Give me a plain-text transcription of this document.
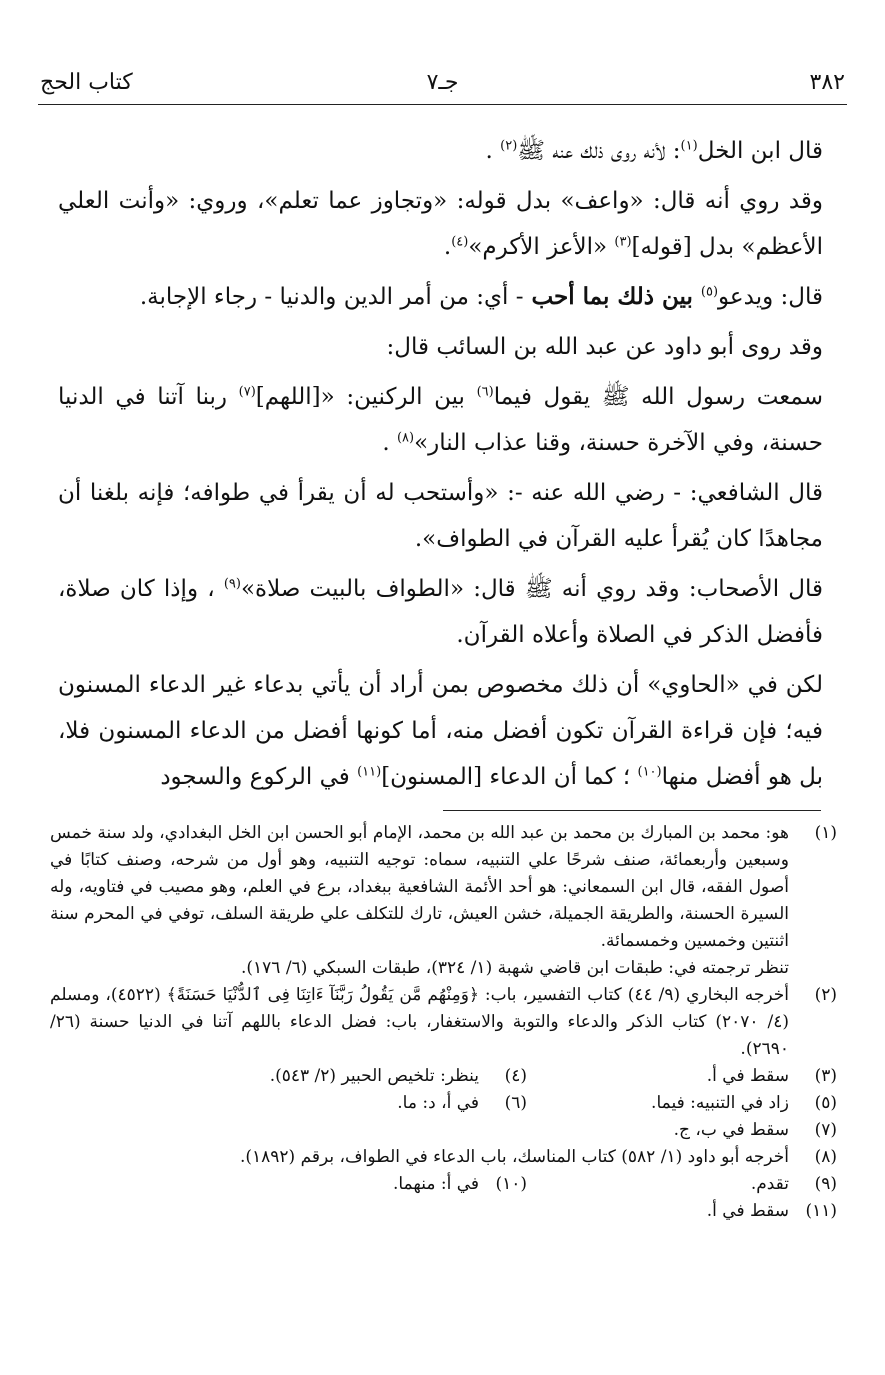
٣٨٢
جـ٧
كتاب الحج

قال ابن الخل$^{(١)}$: لأنه روى ذلك عنه ﷺ$^{(٢)}$ .

وقد روي أنه قال: «واعف» بدل قوله: «وتجاوز عما تعلم»، وروي: «وأنت العلي الأعظم» بدل [قوله]$^{(٣)}$ «الأعز الأكرم»$^{(٤)}$.

قال: ويدعو$^{(٥)}$ بين ذلك بما أحب - أي: من أمر الدين والدنيا - رجاء الإجابة.

وقد روى أبو داود عن عبد الله بن السائب قال:

سمعت رسول الله ﷺ يقول فيما$^{(٦)}$ بين الركنين: «[اللهم]$^{(٧)}$ ربنا آتنا في الدنيا حسنة، وفي الآخرة حسنة، وقنا عذاب النار»$^{(٨)}$ .

قال الشافعي: - رضي الله عنه -: «وأستحب له أن يقرأ في طوافه؛ فإنه بلغنا أن مجاهدًا كان يُقرأ عليه القرآن في الطواف».

قال الأصحاب: وقد روي أنه ﷺ قال: «الطواف بالبيت صلاة»$^{(٩)}$ ، وإذا كان صلاة، فأفضل الذكر في الصلاة وأعلاه القرآن.

لكن في «الحاوي» أن ذلك مخصوص بمن أراد أن يأتي بدعاء غير الدعاء المسنون فيه؛ فإن قراءة القرآن تكون أفضل منه، أما كونها أفضل من الدعاء المسنون فلا، بل هو أفضل منها$^{(١٠)}$ ؛ كما أن الدعاء [المسنون]$^{(١١)}$ في الركوع والسجود

(١)
هو: محمد بن المبارك بن محمد بن عبد الله بن محمد، الإمام أبو الحسن ابن الخل البغدادي، ولد سنة خمس وسبعين وأربعمائة، صنف شرحًا علي التنبيه، سماه: توجيه التنبيه، وهو أول من شرحه، وصنف كتابًا في أصول الفقه، قال ابن السمعاني: هو أحد الأئمة الشافعية ببغداد، برع في العلم، وهو مصيب في فتاويه، وله السيرة الحسنة، والطريقة الجميلة، خشن العيش، تارك للتكلف علي طريقة السلف، توفي في المحرم سنة اثنتين وخمسين وخمسمائة.
تنظر ترجمته في: طبقات ابن قاضي شهبة (١/ ٣٢٤)، طبقات السبكي (٦/ ١٧٦).
(٢)
أخرجه البخاري (٩/ ٤٤) كتاب التفسير، باب: ﴿وَمِنْهُم مَّن يَقُولُ رَبَّنَآ ءَاتِنَا فِى ٱلدُّنْيَا حَسَنَةً﴾ (٤٥٢٢)، ومسلم (٤/ ٢٠٧٠) كتاب الذكر والدعاء والتوبة والاستغفار، باب: فضل الدعاء باللهم آتنا في الدنيا حسنة (٢٦/ ٢٦٩٠).
(٣)
سقط في أ.
(٤)
ينظر: تلخيص الحبير (٢/ ٥٤٣).
(٥)
زاد في التنبيه: فيما.
(٦)
في أ، د: ما.
(٧)
سقط في ب، ج.
(٨)
أخرجه أبو داود (١/ ٥٨٢) كتاب المناسك، باب الدعاء في الطواف، برقم (١٨٩٢).
(٩)
تقدم.
(١٠)
في أ: منهما.
(١١)
سقط في أ.
